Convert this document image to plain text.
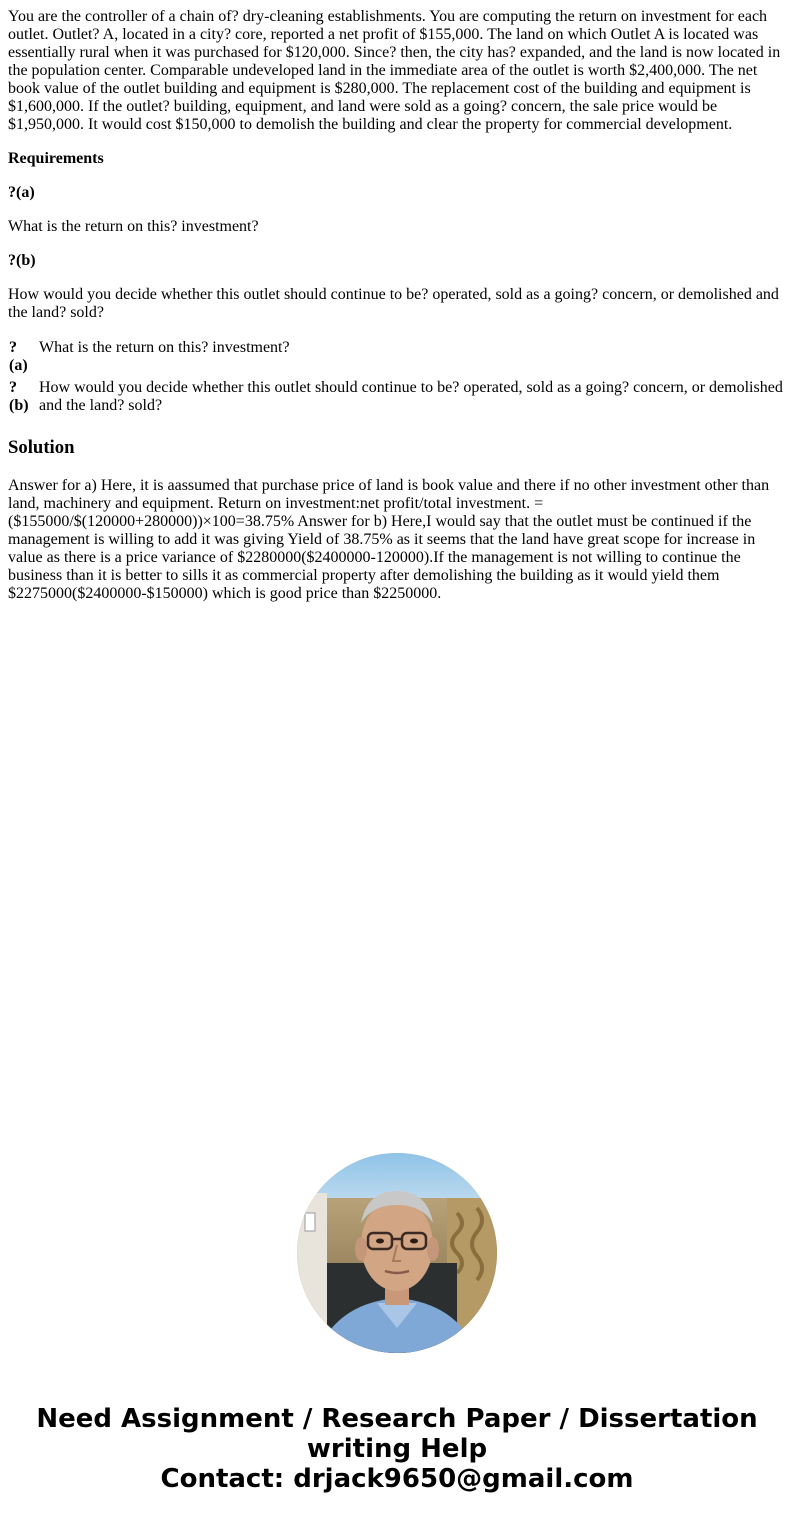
You are the controller of a chain of? dry-cleaning establishments. You are computing the return on investment for each outlet. Outlet? A, located in a city? core, reported a net profit of $155,000. The land on which Outlet A is located was essentially rural when it was purchased for $120,000. Since? then, the city has? expanded, and the land is now located in the population center. Comparable undeveloped land in the immediate area of the outlet is worth $2,400,000. The net book value of the outlet building and equipment is $280,000. The replacement cost of the building and equipment is $1,600,000. If the outlet? building, equipment, and land were sold as a going? concern, the sale price would be $1,950,000. It would cost $150,000 to demolish the building and clear the property for commercial development.

Requirements

?(a)

What is the return on this? investment?

?(b)

How would you decide whether this outlet should continue to be? operated, sold as a going? concern, or demolished and the land? sold?

?
(a)	What is the return on this? investment?
?
(b)	How would you decide whether this outlet should continue to be? operated, sold as a going? concern, or demolished and the land? sold?
Solution

Answer for a) Here, it is aassumed that purchase price of land is book value and there if no other investment other than land, machinery and equipment. Return on investment:net profit/total investment. = ($155000/$(120000+280000))×100=38.75% Answer for b) Here,I would say that the outlet must be continued if the management is willing to add it was giving Yield of 38.75% as it seems that the land have great scope for increase in value as there is a price variance of $2280000($2400000-120000).If the management is not willing to continue the business than it is better to sills it as commercial property after demolishing the building as it would yield them $2275000($2400000-$150000) which is good price than $2250000.

Need Assignment / Research Paper / Dissertation
writing Help
Contact: drjack9650@gmail.com
